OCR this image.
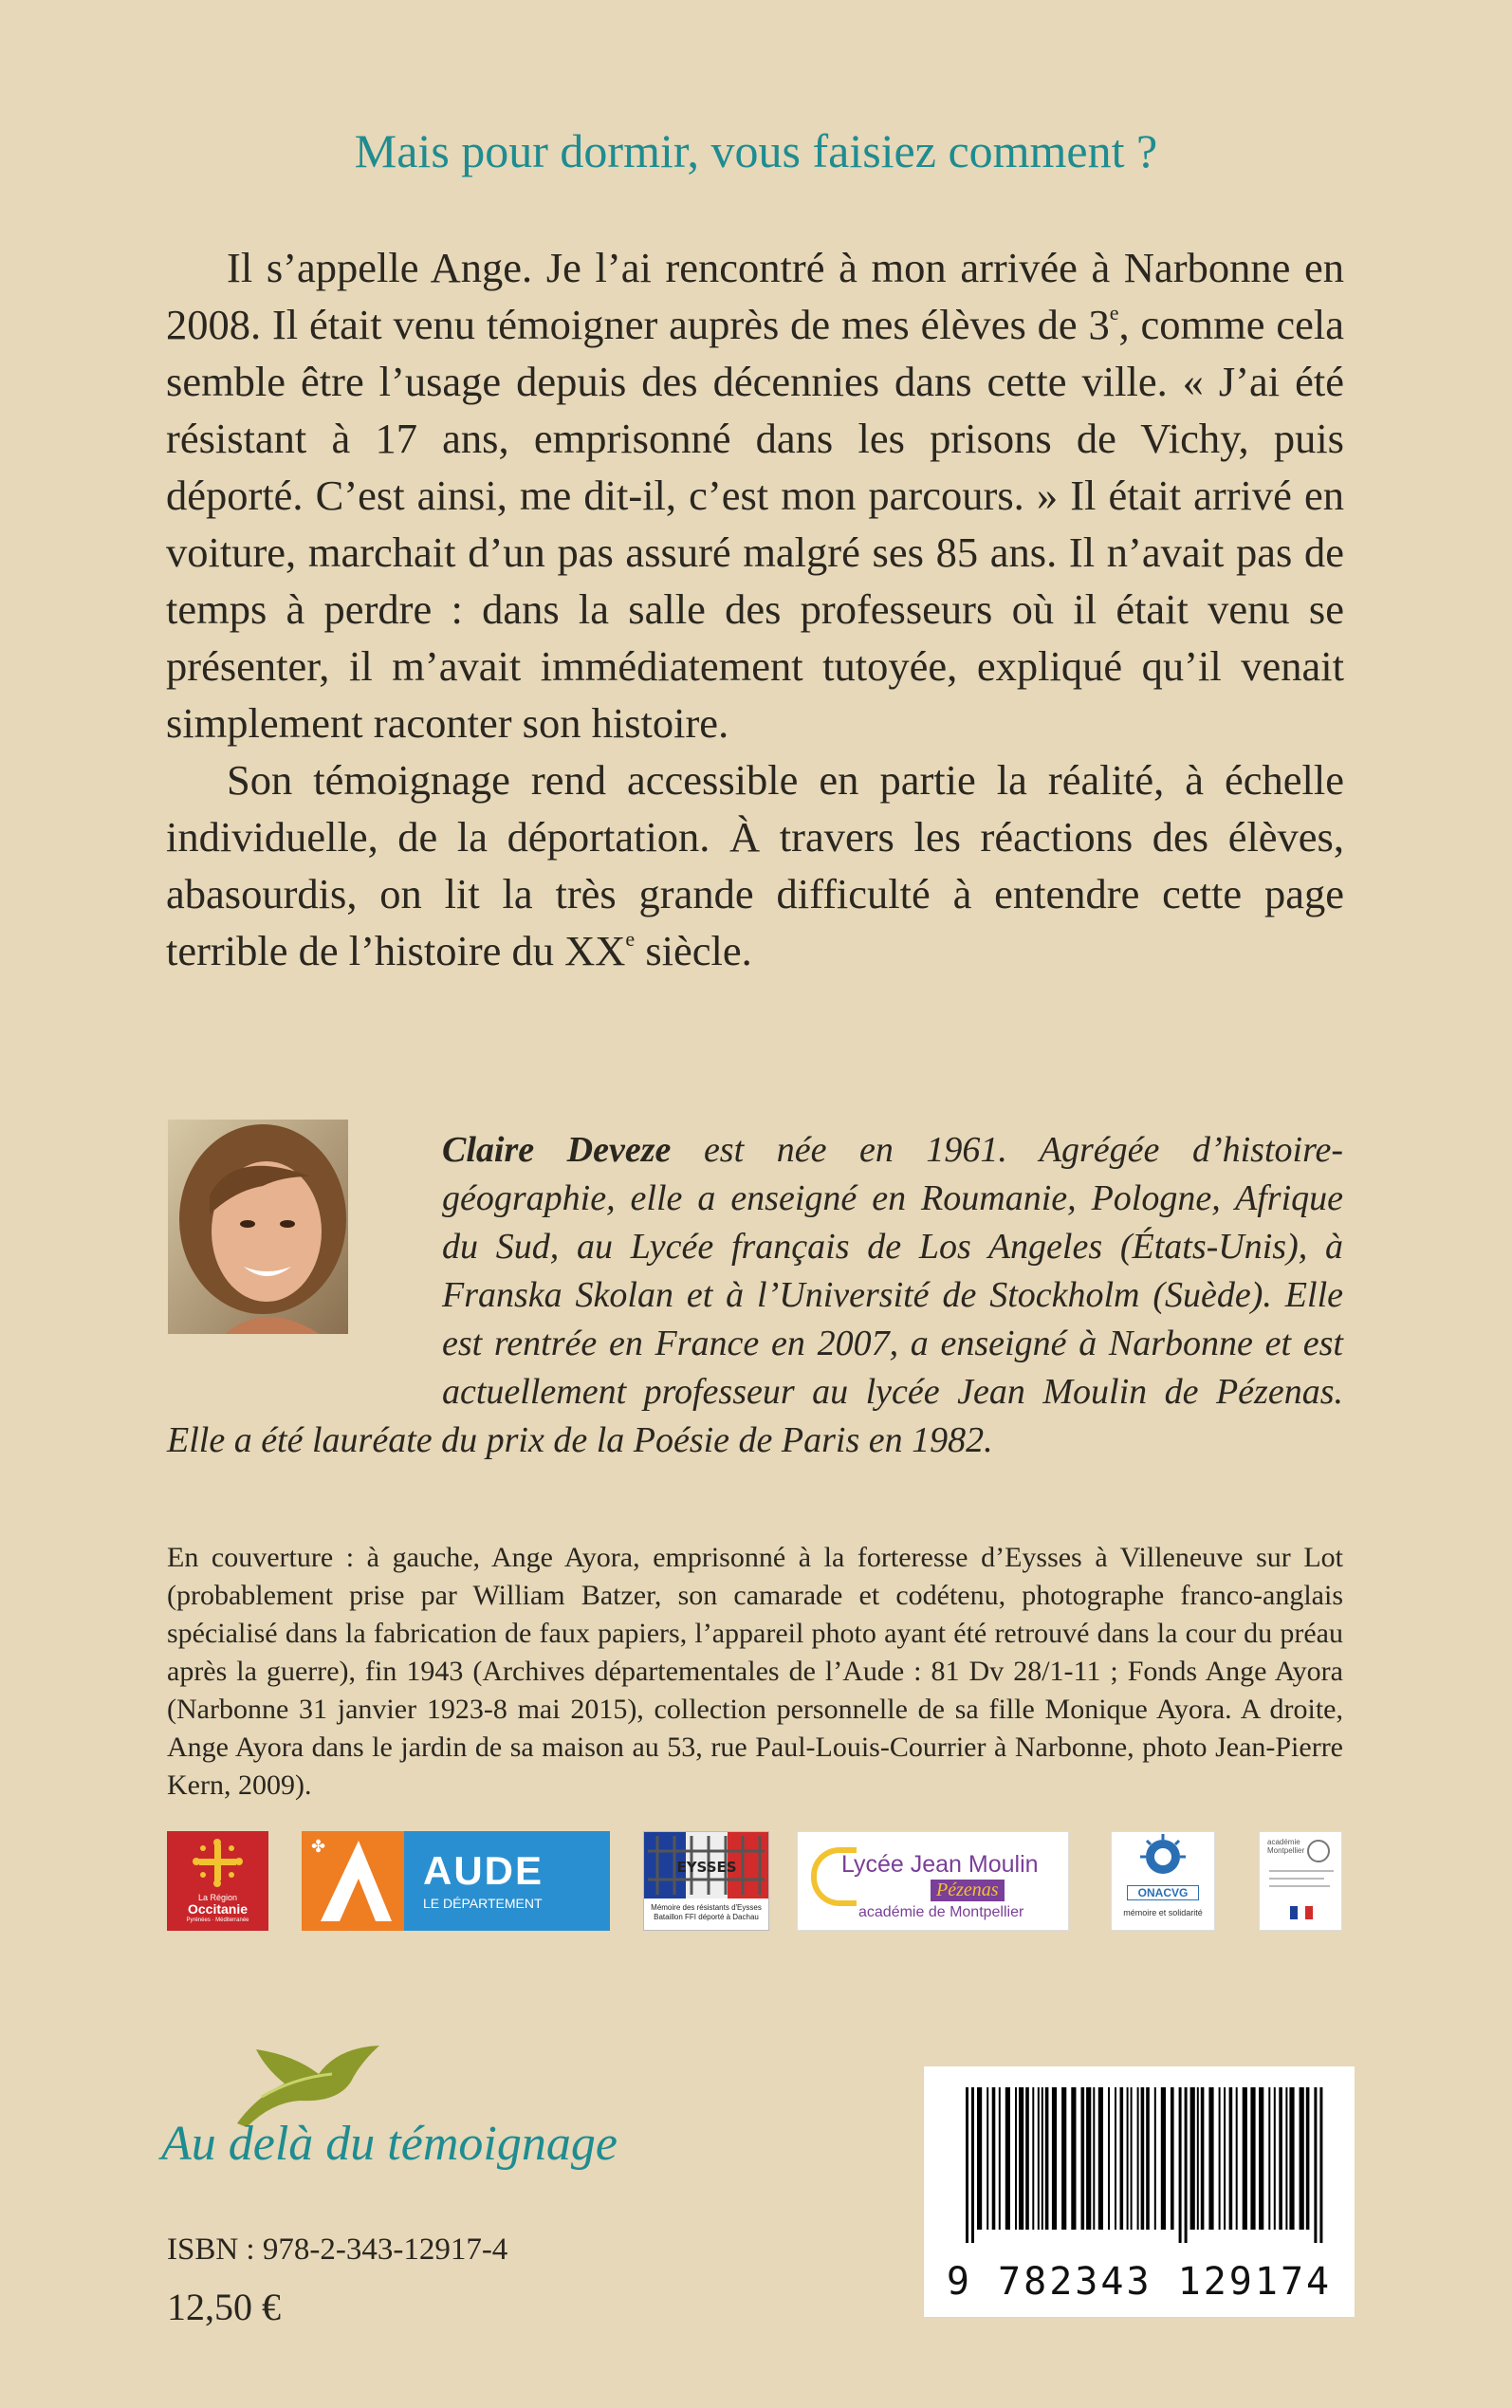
Mais pour dormir, vous faisiez comment ?

Il s’appelle Ange. Je l’ai rencontré à mon arrivée à Narbonne en 2008. Il était venu témoigner auprès de mes élèves de 3e, comme cela semble être l’usage depuis des décennies dans cette ville. « J’ai été résistant à 17 ans, emprisonné dans les prisons de Vichy, puis déporté. C’est ainsi, me dit-il, c’est mon parcours. » Il était arrivé en voiture, marchait d’un pas assuré malgré ses 85 ans. Il n’avait pas de temps à perdre : dans la salle des professeurs où il était venu se présenter, il m’avait immédiatement tutoyée, expliqué qu’il venait simplement raconter son histoire.

Son témoignage rend accessible en partie la réalité, à échelle individuelle, de la déportation. À travers les réactions des élèves, abasourdis, on lit la très grande difficulté à entendre cette page terrible de l’histoire du XXe siècle.

Claire Deveze est née en 1961. Agrégée d’histoire-géographie, elle a enseigné en Roumanie, Pologne, Afrique du Sud, au Lycée français de Los Angeles (États-Unis), à Franska Skolan et à l’Université de Stockholm (Suède). Elle est rentrée en France en 2007, a enseigné à Narbonne et est actuellement professeur au lycée Jean Moulin de Pézenas. Elle a été lauréate du prix de la Poésie de Paris en 1982.
En couverture : à gauche, Ange Ayora, emprisonné à la forteresse d’Eysses à Villeneuve sur Lot (probablement prise par William Batzer, son camarade et codétenu, photographe franco-anglais spécialisé dans la fabrication de faux papiers, l’appareil photo ayant été retrouvé dans la cour du préau après la guerre), fin 1943 (Archives départementales de l’Aude : 81 Dv 28/1-11 ; Fonds Ange Ayora (Narbonne 31 janvier 1923-8 mai 2015), collection personnelle de sa fille Monique Ayora. A droite, Ange Ayora dans le jardin de sa maison au 53, rue Paul-Louis-Courrier à Narbonne, photo Jean-Pierre Kern, 2009).
La Région
Occitanie
Pyrénées · Méditerranée
✤
AUDE
LE DÉPARTEMENT
EYSSES
Mémoire des résistants d'Eysses
Bataillon FFI déporté à Dachau
Lycée Jean Moulin
Pézenas
académie de Montpellier
ONACVG
mémoire et solidarité
académie
Montpellier
Au delà du témoignage
ISBN : 978-2-343-12917-4
12,50 €
9 782343 129174
